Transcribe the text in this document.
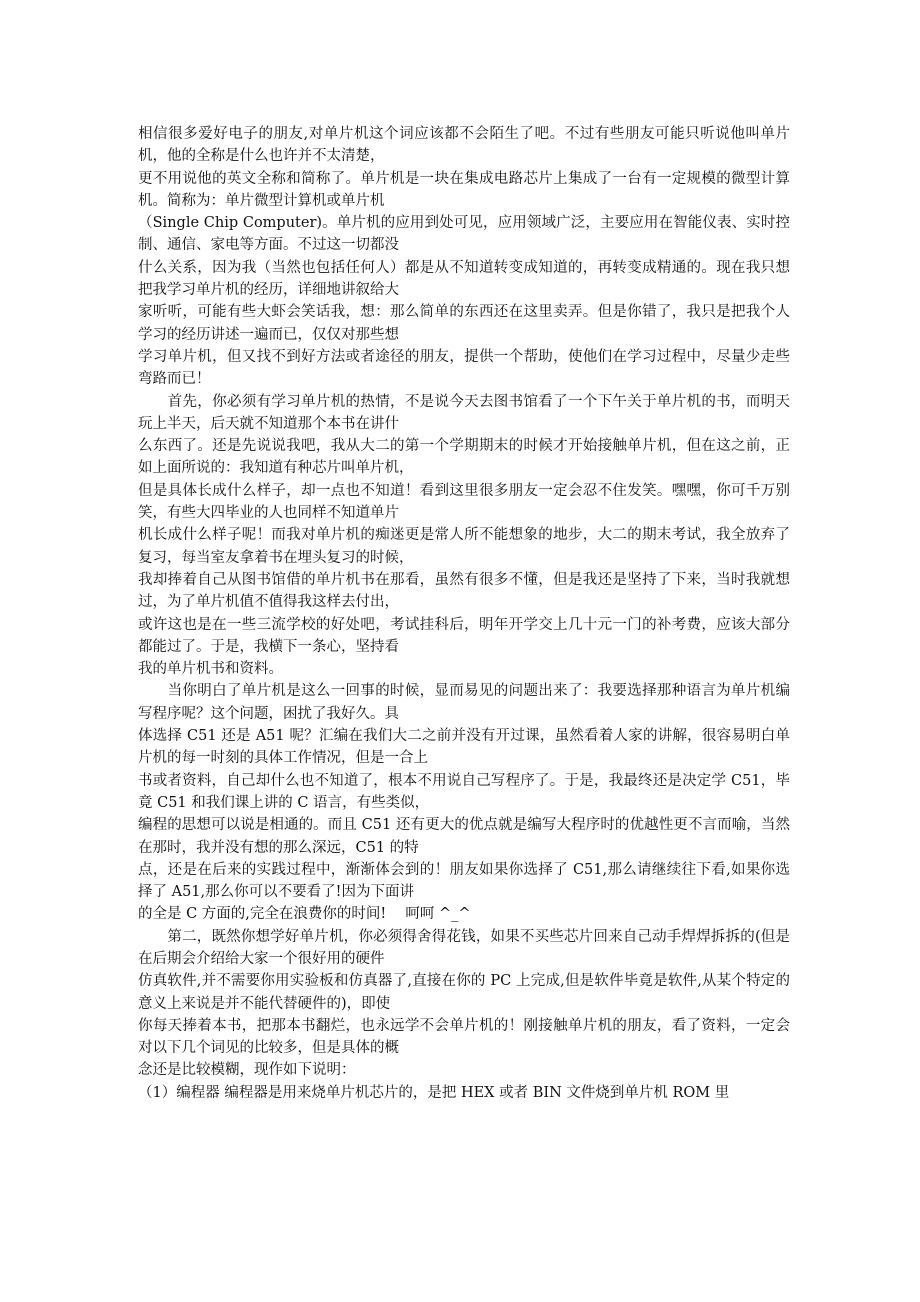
相信很多爱好电子的朋友,对单片机这个词应该都不会陌生了吧。不过有些朋友可能只听说他叫单片机，他的全称是什么也许并不太清楚，

更不用说他的英文全称和简称了。单片机是一块在集成电路芯片上集成了一台有一定规模的微型计算机。简称为：单片微型计算机或单片机

（Single Chip Computer)。单片机的应用到处可见，应用领域广泛，主要应用在智能仪表、实时控制、通信、家电等方面。不过这一切都没

什么关系，因为我（当然也包括任何人）都是从不知道转变成知道的，再转变成精通的。现在我只想把我学习单片机的经历，详细地讲叙给大

家听听，可能有些大虾会笑话我，想：那么简单的东西还在这里卖弄。但是你错了，我只是把我个人学习的经历讲述一遍而已，仅仅对那些想

学习单片机，但又找不到好方法或者途径的朋友，提供一个帮助，使他们在学习过程中，尽量少走些弯路而已！

　　首先，你必须有学习单片机的热情，不是说今天去图书馆看了一个下午关于单片机的书，而明天玩上半天，后天就不知道那个本书在讲什

么东西了。还是先说说我吧，我从大二的第一个学期期末的时候才开始接触单片机，但在这之前，正如上面所说的：我知道有种芯片叫单片机，

但是具体长成什么样子，却一点也不知道！看到这里很多朋友一定会忍不住发笑。嘿嘿，你可千万别笑，有些大四毕业的人也同样不知道单片

机长成什么样子呢！而我对单片机的痴迷更是常人所不能想象的地步，大二的期末考试，我全放弃了复习，每当室友拿着书在埋头复习的时候，

我却捧着自己从图书馆借的单片机书在那看，虽然有很多不懂，但是我还是坚持了下来，当时我就想过，为了单片机值不值得我这样去付出，

或许这也是在一些三流学校的好处吧，考试挂科后，明年开学交上几十元一门的补考费，应该大部分都能过了。于是，我横下一条心，坚持看

我的单片机书和资料。

　　当你明白了单片机是这么一回事的时候，显而易见的问题出来了：我要选择那种语言为单片机编写程序呢？这个问题，困扰了我好久。具

体选择 C51 还是 A51 呢？汇编在我们大二之前并没有开过课，虽然看着人家的讲解，很容易明白单片机的每一时刻的具体工作情况，但是一合上

书或者资料，自己却什么也不知道了，根本不用说自己写程序了。于是，我最终还是决定学 C51，毕竟 C51 和我们课上讲的 C 语言，有些类似，

编程的思想可以说是相通的。而且 C51 还有更大的优点就是编写大程序时的优越性更不言而喻，当然在那时，我并没有想的那么深远，C51 的特

点，还是在后来的实践过程中，渐渐体会到的！朋友如果你选择了 C51,那么请继续往下看,如果你选择了 A51,那么你可以不要看了!因为下面讲

的全是 C 方面的,完全在浪费你的时间!　 呵呵 ^_^

　　第二，既然你想学好单片机，你必须得舍得花钱，如果不买些芯片回来自己动手焊焊拆拆的(但是在后期会介绍给大家一个很好用的硬件

仿真软件,并不需要你用实验板和仿真器了,直接在你的 PC 上完成,但是软件毕竟是软件,从某个特定的意义上来说是并不能代替硬件的)，即使

你每天捧着本书，把那本书翻烂，也永远学不会单片机的！刚接触单片机的朋友，看了资料，一定会对以下几个词见的比较多，但是具体的概

念还是比较模糊，现作如下说明：

（1）编程器 编程器是用来烧单片机芯片的，是把 HEX 或者 BIN 文件烧到单片机 ROM 里
